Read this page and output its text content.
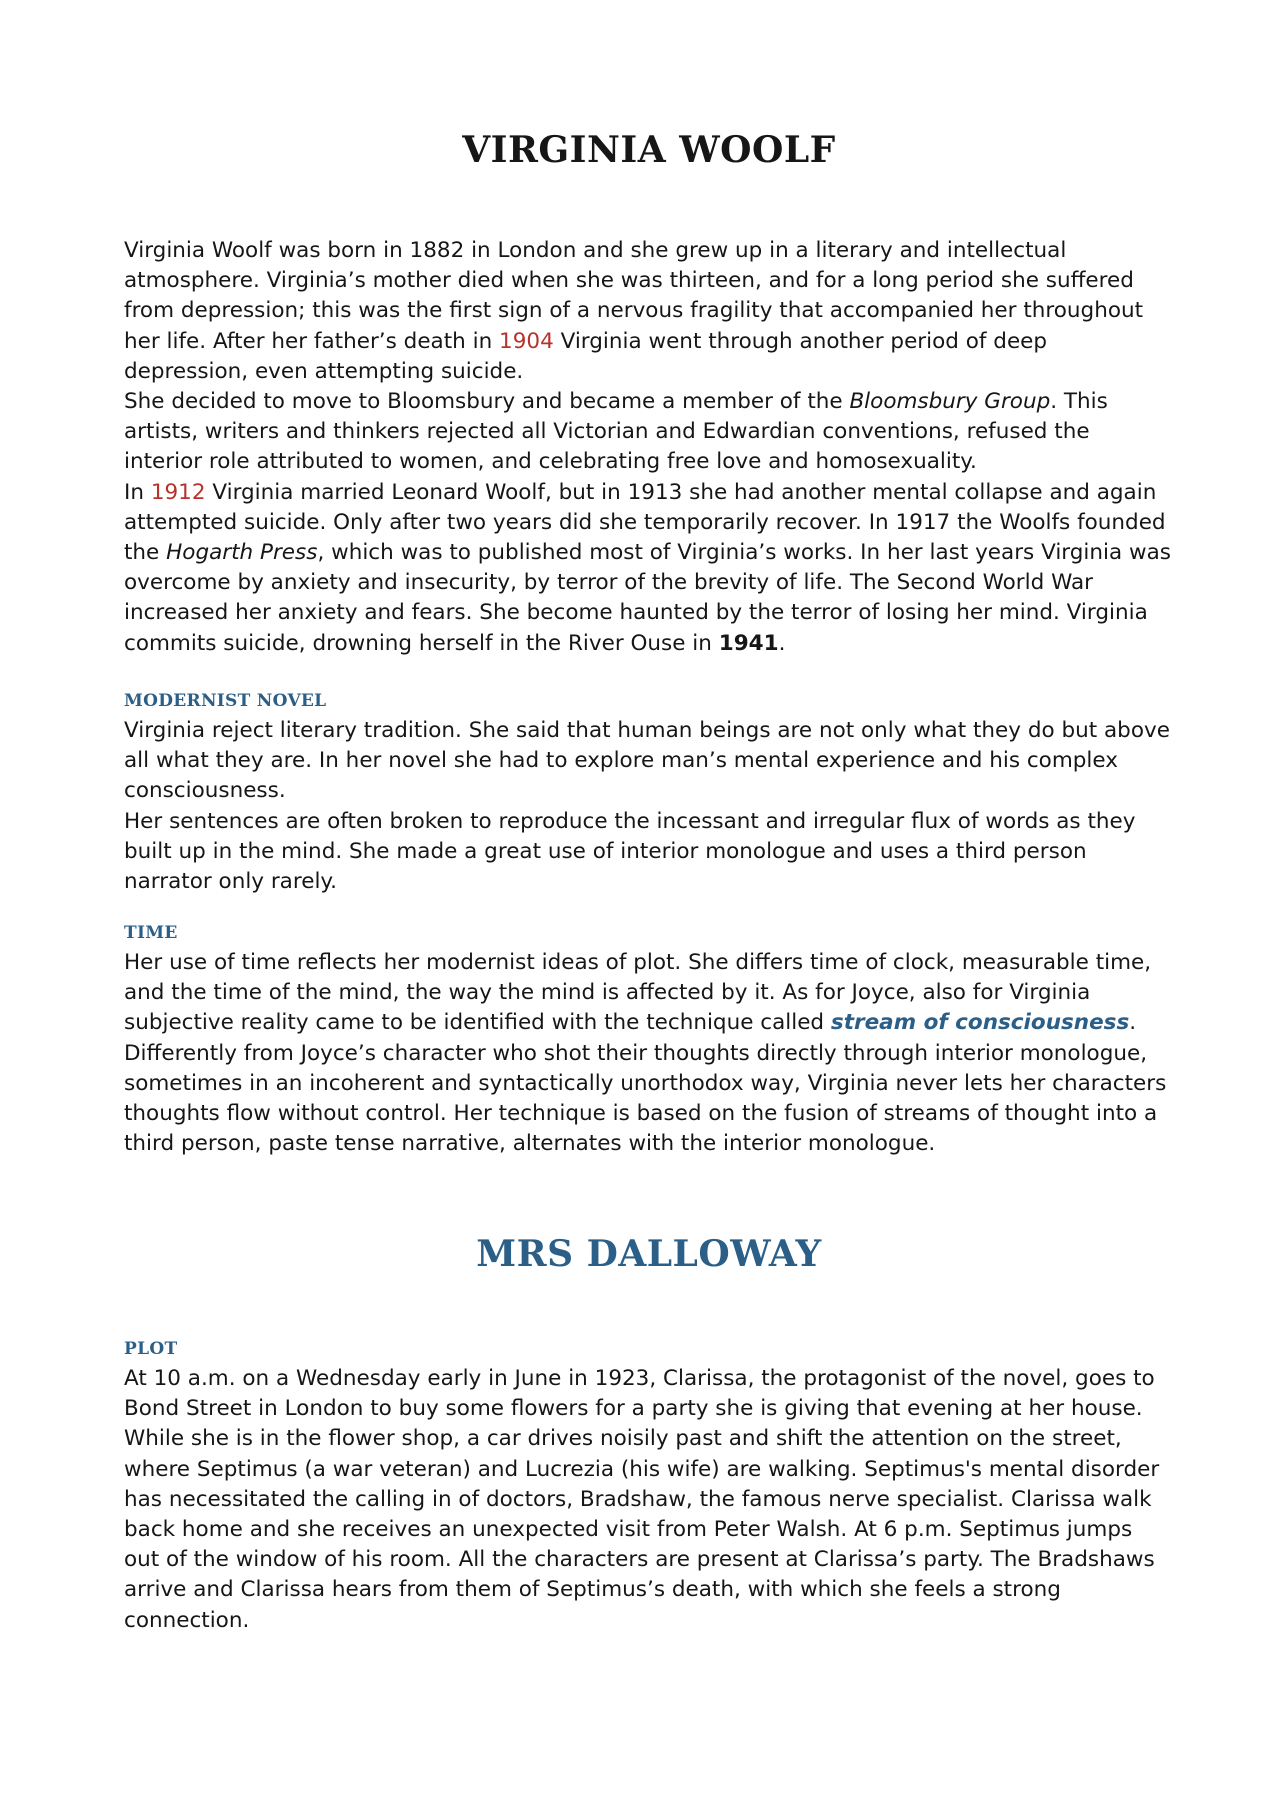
VIRGINIA WOOLF

Virginia Woolf was born in 1882 in London and she grew up in a literary and intellectual atmosphere. Virginia’s mother died when she was thirteen, and for a long period she suffered from depression; this was the first sign of a nervous fragility that accompanied her throughout her life. After her father’s death in 1904 Virginia went through another period of deep depression, even attempting suicide.

She decided to move to Bloomsbury and became a member of the Bloomsbury Group. This artists, writers and thinkers rejected all Victorian and Edwardian conventions, refused the interior role attributed to women, and celebrating free love and homosexuality.

In 1912 Virginia married Leonard Woolf, but in 1913 she had another mental collapse and again attempted suicide. Only after two years did she temporarily recover. In 1917 the Woolfs founded the Hogarth Press, which was to published most of Virginia’s works. In her last years Virginia was overcome by anxiety and insecurity, by terror of the brevity of life. The Second World War increased her anxiety and fears. She become haunted by the terror of losing her mind. Virginia commits suicide, drowning herself in the River Ouse in 1941.

MODERNIST NOVEL

Virginia reject literary tradition. She said that human beings are not only what they do but above all what they are. In her novel she had to explore man’s mental experience and his complex consciousness.

Her sentences are often broken to reproduce the incessant and irregular flux of words as they built up in the mind. She made a great use of interior monologue and uses a third person narrator only rarely.

TIME

Her use of time reflects her modernist ideas of plot. She differs time of clock, measurable time, and the time of the mind, the way the mind is affected by it. As for Joyce, also for Virginia subjective reality came to be identified with the technique called stream of consciousness.

Differently from Joyce’s character who shot their thoughts directly through interior monologue, sometimes in an incoherent and syntactically unorthodox way, Virginia never lets her characters thoughts flow without control. Her technique is based on the fusion of streams of thought into a third person, paste tense narrative, alternates with the interior monologue.

MRS DALLOWAY
PLOT

At 10 a.m. on a Wednesday early in June in 1923, Clarissa, the protagonist of the novel, goes to Bond Street in London to buy some flowers for a party she is giving that evening at her house. While she is in the flower shop, a car drives noisily past and shift the attention on the street, where Septimus (a war veteran) and Lucrezia (his wife) are walking. Septimus's mental disorder has necessitated the calling in of doctors, Bradshaw, the famous nerve specialist. Clarissa walk back home and she receives an unexpected visit from Peter Walsh. At 6 p.m. Septimus jumps out of the window of his room. All the characters are present at Clarissa’s party. The Bradshaws arrive and Clarissa hears from them of Septimus’s death, with which she feels a strong connection.
